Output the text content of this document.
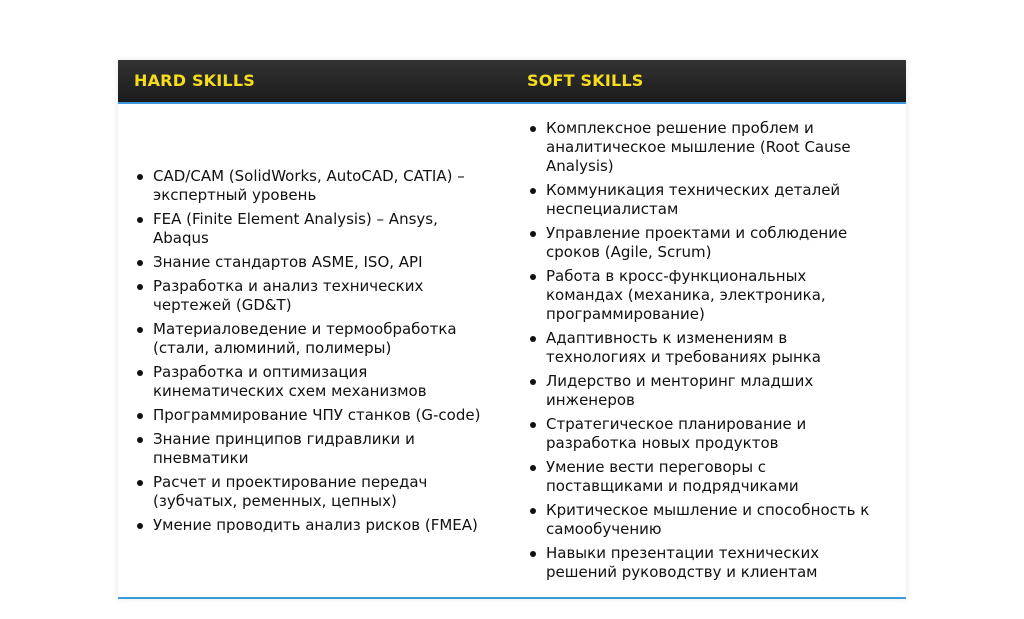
HARD SKILLS	SOFT SKILLS
CAD/CAM (SolidWorks, AutoCAD, CATIA) – экспертный уровень
FEA (Finite Element Analysis) – Ansys, Abaqus
Знание стандартов ASME, ISO, API
Разработка и анализ технических чертежей (GD&T)
Материаловедение и термообработка (стали, алюминий, полимеры)
Разработка и оптимизация кинематических схем механизмов
Программирование ЧПУ станков (G-code)
Знание принципов гидравлики и пневматики
Расчет и проектирование передач (зубчатых, ременных, цепных)
Умение проводить анализ рисков (FMEA)
Комплексное решение проблем и аналитическое мышление (Root Cause Analysis)
Коммуникация технических деталей неспециалистам
Управление проектами и соблюдение сроков (Agile, Scrum)
Работа в кросс-функциональных командах (механика, электроника, программирование)
Адаптивность к изменениям в технологиях и требованиях рынка
Лидерство и менторинг младших инженеров
Стратегическое планирование и разработка новых продуктов
Умение вести переговоры с поставщиками и подрядчиками
Критическое мышление и способность к самообучению
Навыки презентации технических решений руководству и клиентам
